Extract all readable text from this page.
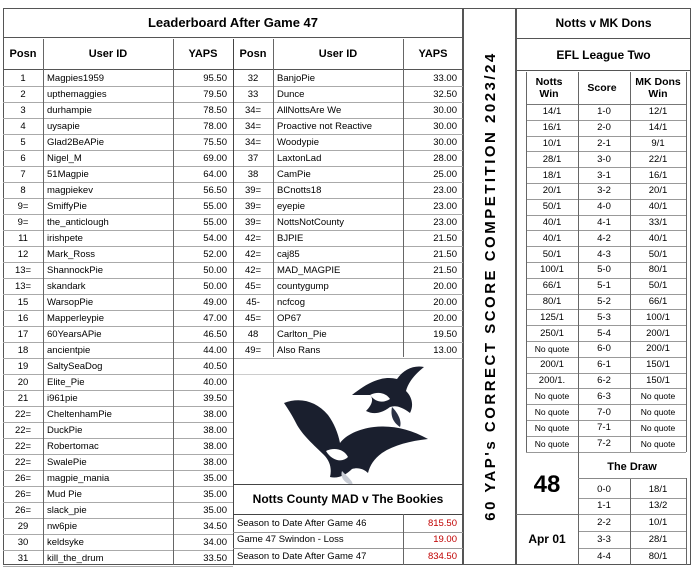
Leaderboard After Game 47
Posn	User ID	YAPS	Posn	User ID	YAPS
1	Magpies1959	95.50
2	upthemaggies	79.50
3	durhampie	78.50
4	uysapie	78.00
5	Glad2BeAPie	75.50
6	Nigel_M	69.00
7	51Magpie	64.00
8	magpiekev	56.50
9=	SmiffyPie	55.00
9=	the_anticlough	55.00
11	irishpete	54.00
12	Mark_Ross	52.00
13=	ShannockPie	50.00
13=	skandark	50.00
15	WarsopPie	49.00
16	Mapperleypie	47.00
17	60YearsAPie	46.50
18	ancientpie	44.00
19	SaltySeaDog	40.50
20	Elite_Pie	40.00
21	i961pie	39.50
22=	CheltenhamPie	38.00
22=	DuckPie	38.00
22=	Robertomac	38.00
22=	SwalePie	38.00
26=	magpie_mania	35.00
26=	Mud Pie	35.00
26=	slack_pie	35.00
29	nw6pie	34.50
30	keldsyke	34.00
31	kill_the_drum	33.50
32	BanjoPie	33.00
33	Dunce	32.50
34=	AllNottsAre We	30.00
34=	Proactive not Reactive	30.00
34=	Woodypie	30.00
37	LaxtonLad	28.00
38	CamPie	25.00
39=	BCnotts18	23.00
39=	eyepie	23.00
39=	NottsNotCounty	23.00
42=	BJPIE	21.50
42=	caj85	21.50
42=	MAD_MAGPIE	21.50
45=	countygump	20.00
45-	ncfcog	20.00
45=	OP67	20.00
48	Carlton_Pie	19.50
49=	Also Rans	13.00
Notts County MAD v The Bookies
Season to Date After Game 46	815.50
Game 47 Swindon - Loss	19.00
Season to Date After Game 47	834.50
60 YAP's CORRECT SCORE COMPETITION 2023/24
Notts v MK Dons
EFL League Two
Notts Win	Score	MK Dons Win
14/1	1-0	12/1
16/1	2-0	14/1
10/1	2-1	9/1
28/1	3-0	22/1
18/1	3-1	16/1
20/1	3-2	20/1
50/1	4-0	40/1
40/1	4-1	33/1
40/1	4-2	40/1
50/1	4-3	50/1
100/1	5-0	80/1
66/1	5-1	50/1
80/1	5-2	66/1
125/1	5-3	100/1
250/1	5-4	200/1
No quote	6-0	200/1
200/1	6-1	150/1
200/1.	6-2	150/1
No quote	6-3	No quote
No quote	7-0	No quote
No quote	7-1	No quote
No quote	7-2	No quote
48
Apr 01
The Draw
0-0	18/1
1-1	13/2
2-2	10/1
3-3	28/1
4-4	80/1
